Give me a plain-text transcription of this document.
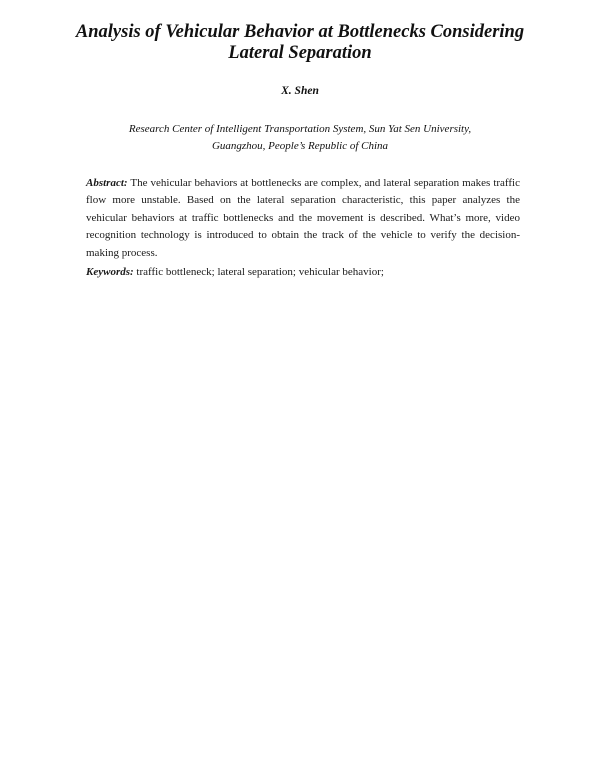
Analysis of Vehicular Behavior at Bottlenecks Considering
Lateral Separation
X. Shen
Research Center of Intelligent Transportation System, Sun Yat Sen University,
Guangzhou, People’s Republic of China

Abstract: The vehicular behaviors at bottlenecks are complex, and lateral separation makes traffic flow more unstable. Based on the lateral separation characteristic, this paper analyzes the vehicular behaviors at traffic bottlenecks and the movement is described. What’s more, video recognition technology is introduced to obtain the track of the vehicle to verify the decision-making process.

Keywords: traffic bottleneck; lateral separation; vehicular behavior;
